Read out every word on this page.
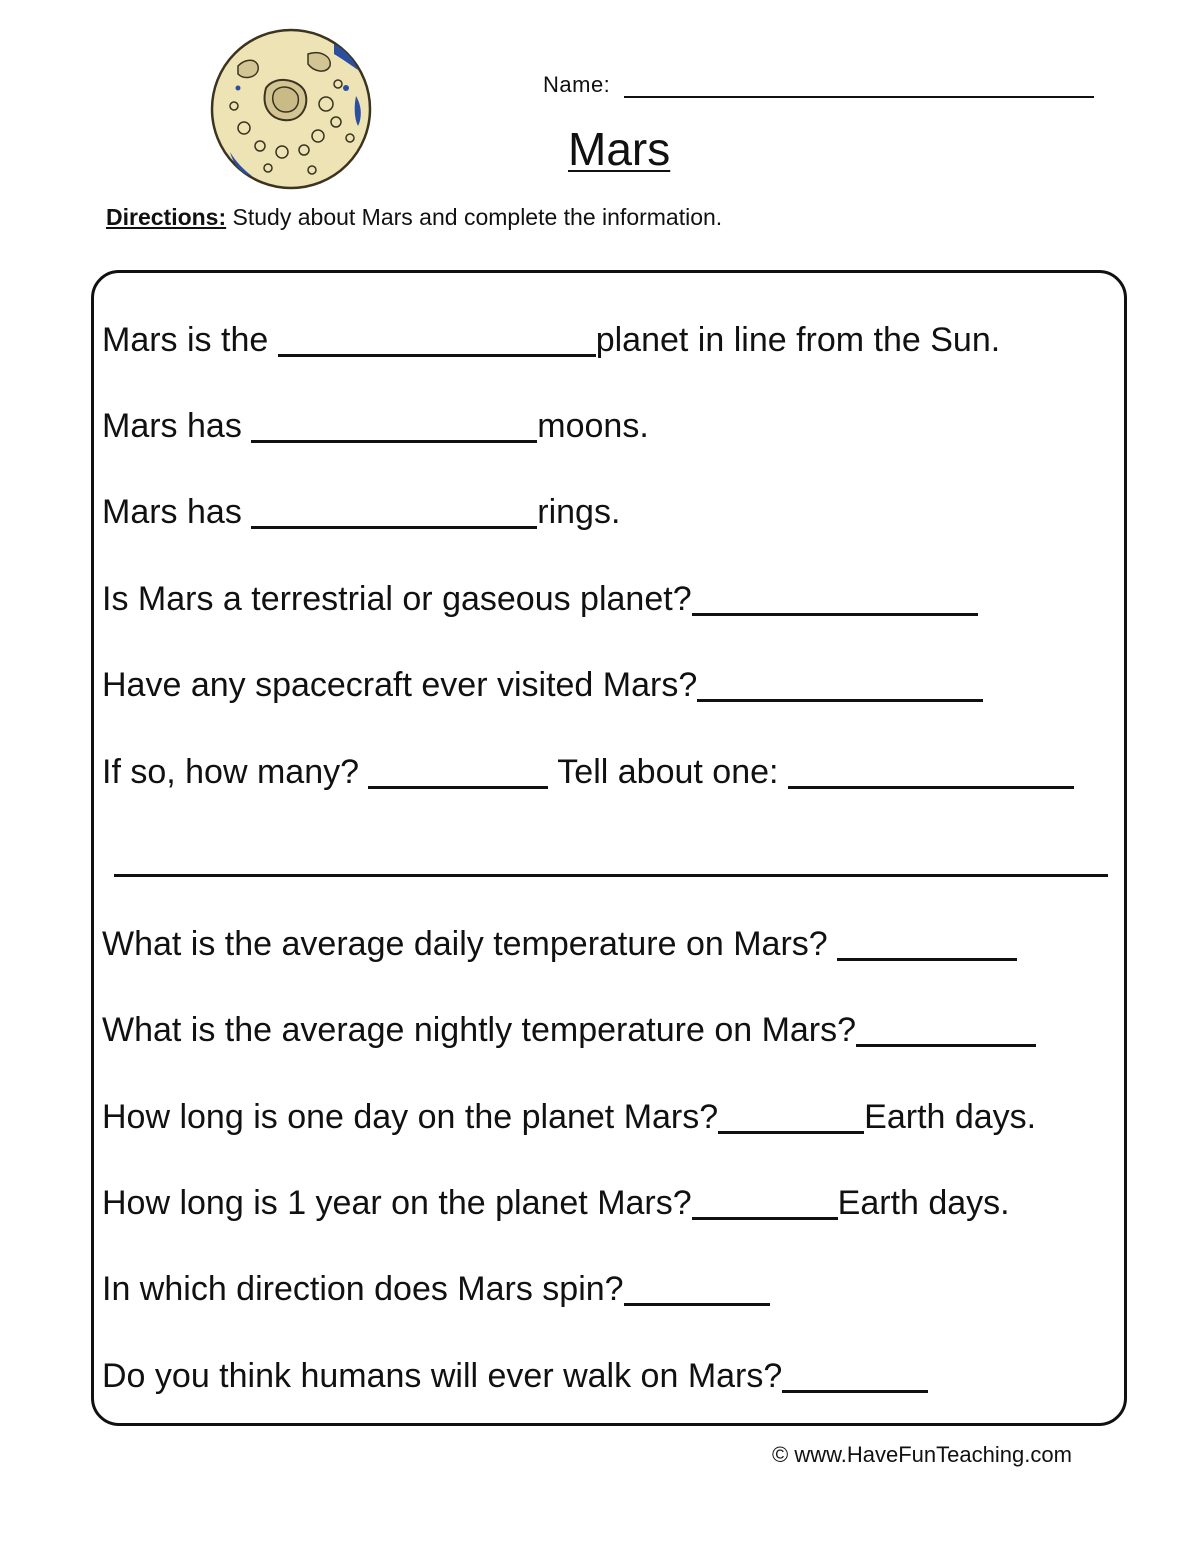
Name:
Mars
Directions: Study about Mars and complete the information.
Mars is the	planet in line from the Sun.
Mars has	moons.
Mars has	rings.
Is Mars a terrestrial or gaseous planet?
Have any spacecraft ever visited Mars?
If so, how many?	Tell about one:
What is the average daily temperature on Mars?
What is the average nightly temperature on Mars?
How long is one day on the planet Mars?	Earth days.
How long is 1 year on the planet Mars?	Earth days.
In which direction does Mars spin?
Do you think humans will ever walk on Mars?
© www.HaveFunTeaching.com
